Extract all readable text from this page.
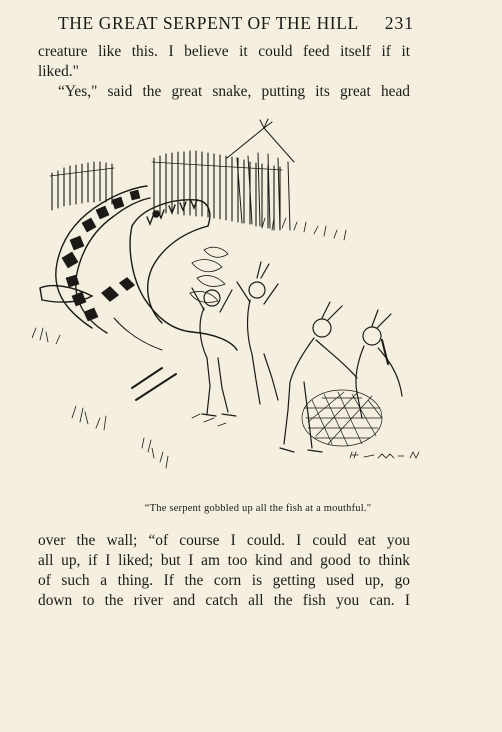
THE GREAT SERPENT OF THE HILL 231
creature like this. I believe it could feed itself if it
liked."
“Yes," said the great snake, putting its great head
“The serpent gobbled up all the fish at a mouthful."
over the wall; “of course I could. I could eat you
all up, if I liked; but I am too kind and good to think
of such a thing. If the corn is getting used up, go
down to the river and catch all the fish you can. I
